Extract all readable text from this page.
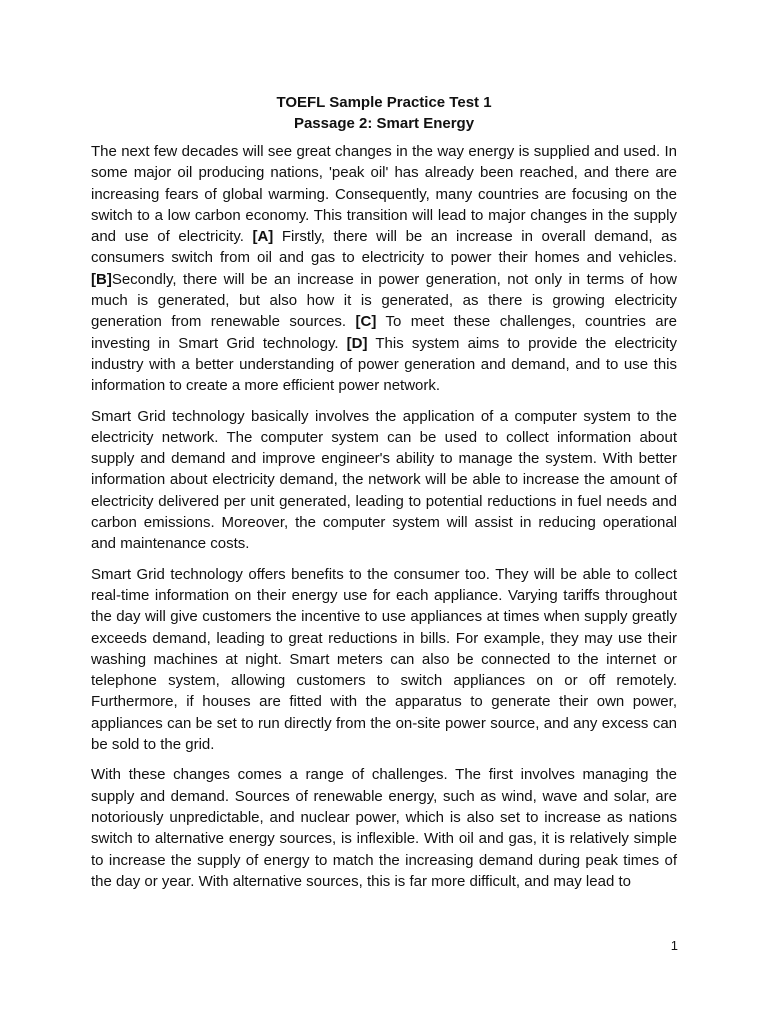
TOEFL Sample Practice Test 1

Passage 2: Smart Energy

The next few decades will see great changes in the way energy is supplied and used. In some major oil producing nations, 'peak oil' has already been reached, and there are increasing fears of global warming. Consequently, many countries are focusing on the switch to a low carbon economy. This transition will lead to major changes in the supply and use of electricity. [A] Firstly, there will be an increase in overall demand, as consumers switch from oil and gas to electricity to power their homes and vehicles. [B]Secondly, there will be an increase in power generation, not only in terms of how much is generated, but also how it is generated, as there is growing electricity generation from renewable sources. [C] To meet these challenges, countries are investing in Smart Grid technology. [D] This system aims to provide the electricity industry with a better understanding of power generation and demand, and to use this information to create a more efficient power network.

Smart Grid technology basically involves the application of a computer system to the electricity network. The computer system can be used to collect information about supply and demand and improve engineer's ability to manage the system. With better information about electricity demand, the network will be able to increase the amount of electricity delivered per unit generated, leading to potential reductions in fuel needs and carbon emissions. Moreover, the computer system will assist in reducing operational and maintenance costs.

Smart Grid technology offers benefits to the consumer too. They will be able to collect real-time information on their energy use for each appliance. Varying tariffs throughout the day will give customers the incentive to use appliances at times when supply greatly exceeds demand, leading to great reductions in bills. For example, they may use their washing machines at night. Smart meters can also be connected to the internet or telephone system, allowing customers to switch appliances on or off remotely. Furthermore, if houses are fitted with the apparatus to generate their own power, appliances can be set to run directly from the on-site power source, and any excess can be sold to the grid.

With these changes comes a range of challenges. The first involves managing the supply and demand. Sources of renewable energy, such as wind, wave and solar, are notoriously unpredictable, and nuclear power, which is also set to increase as nations switch to alternative energy sources, is inflexible. With oil and gas, it is relatively simple to increase the supply of energy to match the increasing demand during peak times of the day or year. With alternative sources, this is far more difficult, and may lead to

1
